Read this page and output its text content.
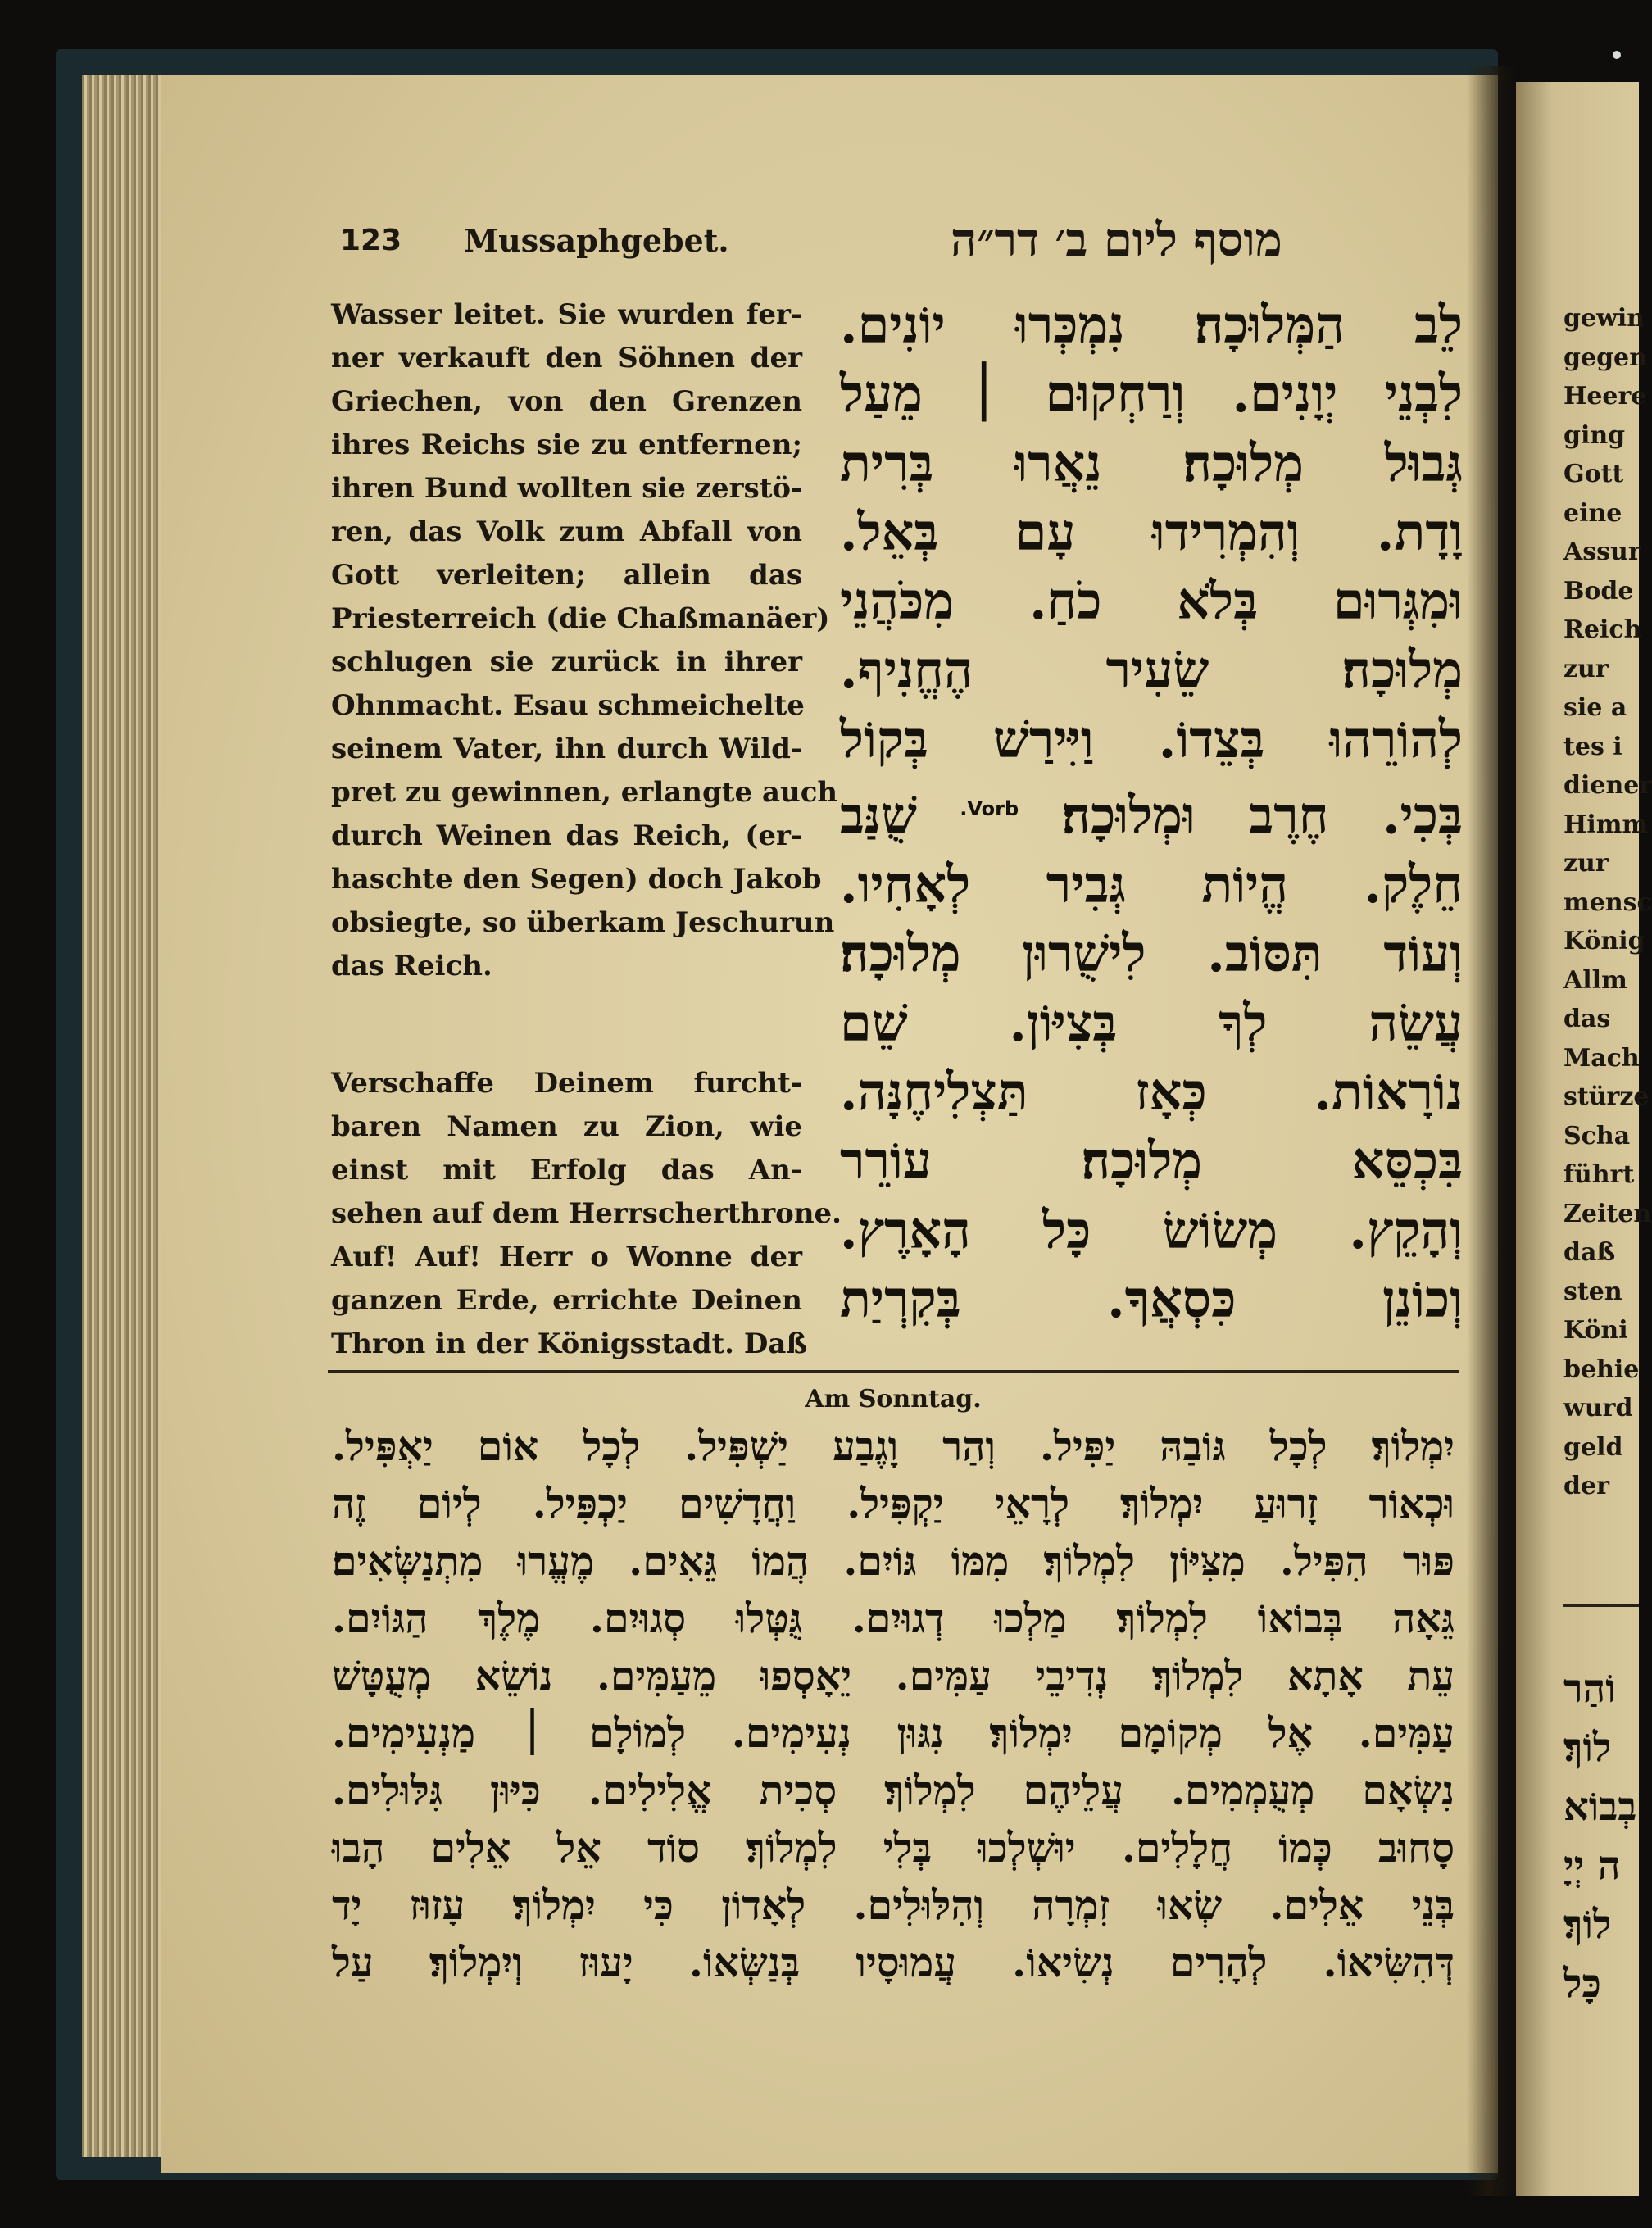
123 Mussaphgebet.	מוסף ליום ב׳ דר״ה
Wasser leitet. Sie wurden fer-
ner verkauft den Söhnen der
Griechen, von den Grenzen
ihres Reichs sie zu entfernen;
ihren Bund wollten sie zerstö-
ren, das Volk zum Abfall von
Gott verleiten; allein das
Priesterreich (die Chaßmanäer)
schlugen sie zurück in ihrer
Ohnmacht. Esau schmeichelte
seinem Vater, ihn durch Wild-
pret zu gewinnen, erlangte auch
durch Weinen das Reich, (er-
haschte den Segen) doch Jakob
obsiegte, so überkam Jeschurun
das Reich.
Verschaffe Deinem furcht-
baren Namen zu Zion, wie
einst mit Erfolg das An-
sehen auf dem Herrscherthrone.
Auf! Auf! Herr o Wonne der
ganzen Erde, errichte Deinen
Thron in der Königsstadt. Daß
לֵב הַמְּלוּכָה׃ נִמְכְּרוּ יוֹנִים.
לִבְנֵי יְוָנִים. וְרַחְקוּם ׀ מֵעַל
גְּבוּל מְלוּכָה׃ נֵאֲרוּ בְּרִית
וָדָת. וְהִמְרִידוּ עָם בְּאֵל.
וּמִגְּרוּם בְּלֹא כֹחַ. מִכֹּהֲנֵי
מְלוּכָה׃ שֵׂעִיר הֶחֱנִיף.
לְהוֹרֵהוּ בְּצֵדוֹ. וַיִּירַשׁ בְּקוֹל
בְּכִי. חֶרֶב וּמְלוּכָה׃ $^{Vorb.}$ שֻׁנַּב
חֵלֶק. הֱיוֹת גְּבִיר לְאָחִיו.
וְעוֹד תִּסּוֹב. לִישֻׁרוּן מְלוּכָה׃
עֲשֵׂה לְךָ בְּצִיּוֹן. שֵׁם
נוֹרָאוֹת. כְּאָז תַּצְלִיחֶנָּה.
בִּכְסֵּא מְלוּכָה׃ עוֹרֵר
וְהָקֵץ. מְשׂוֹשׂ כָּל הָאָרֶץ.
וְכוֹנֵן כִּסְאֲךָ. בְּקִרְיַת
Am Sonntag.
יִמְלוֹךְ׃ לְכָל גּוֹבַהּ יַפִּיל. וְהַר וָגֶבַע יַשְׁפִּיל. לְכָל אוֹם יַאְפִּיל.
וּכְאוֹר זָרוּעַ יִמְלוֹךְ׃ לְרָאֵי יַקְפִּיל. וַחֲדָשִׁים יַכְפִּיל. לְיוֹם זֶה
פּוּר הִפִּיל. מִצִּיּוֹן לִמְלוֹךְ׃ מִמּוֹ גּוֹיִם. הֲמוֹ גֵּאִים. מֶעֱרוּ מִתְנַשְּׂאִים׃
גֵּאָה בְּבוֹאוֹ לִמְלוֹךְ׃ מַלְכוּ דְגוּיִם. גֻּטְּלוּ סְגוּיִם. מֶלֶךְ הַגּוֹיִם.
עֵת אָתָא לִמְלוֹךְ׃ נְדִיבֵי עַמִּים. יֵאָסְפוּ מֵעַמִּים. נוֹשֵׂא מְעֻטָּשׁ
עַמִּים. אֶל מְקוֹמָם יִמְלוֹךְ׃ נִגּוּן נְעִימִים. לְמוֹלָם ׀ מַנְעִימִים.
נִשְׂאָם מְעֻמְמִים. עֲלֵיהֶם לִמְלוֹךְ׃ סְכִית אֱלִילִים. כִּיּוּן גִּלּוּלִים.
סָחוּב כְּמוֹ חֲלָלִים. יוּשְׁלְכוּ בְּלִי לִמְלוֹךְ׃ סוֹד אֵל אֵלִים הָבוּ
בְּנֵי אֵלִים. שְׂאוּ זִמְרָה וְהִלּוּלִים. לְאָדוֹן כִּי יִמְלוֹךְ׃ עָזוּז יָד
דְּהִשִּׂיאוֹ. לְהָרִים נְשִׂיאוֹ. עֲמוּסָיו בְּנַשְּׂאוֹ. יָעוּז וְיִמְלוֹךְ׃ עַל
gewin
gegen
Heere
ging
Gott
eine
Assur
Bode
Reich
zur
sie a
tes i
diener
Himm
zur
mensc
König
Allm
das
Mach
stürze
Scha
führt
Zeiten
daß
sten
Köni
behie
wurd
geld
der
וֹהַר
לוֹךְ׃
בְבוֹא
ה יְיָ
לוֹךְ׃
כָּל
